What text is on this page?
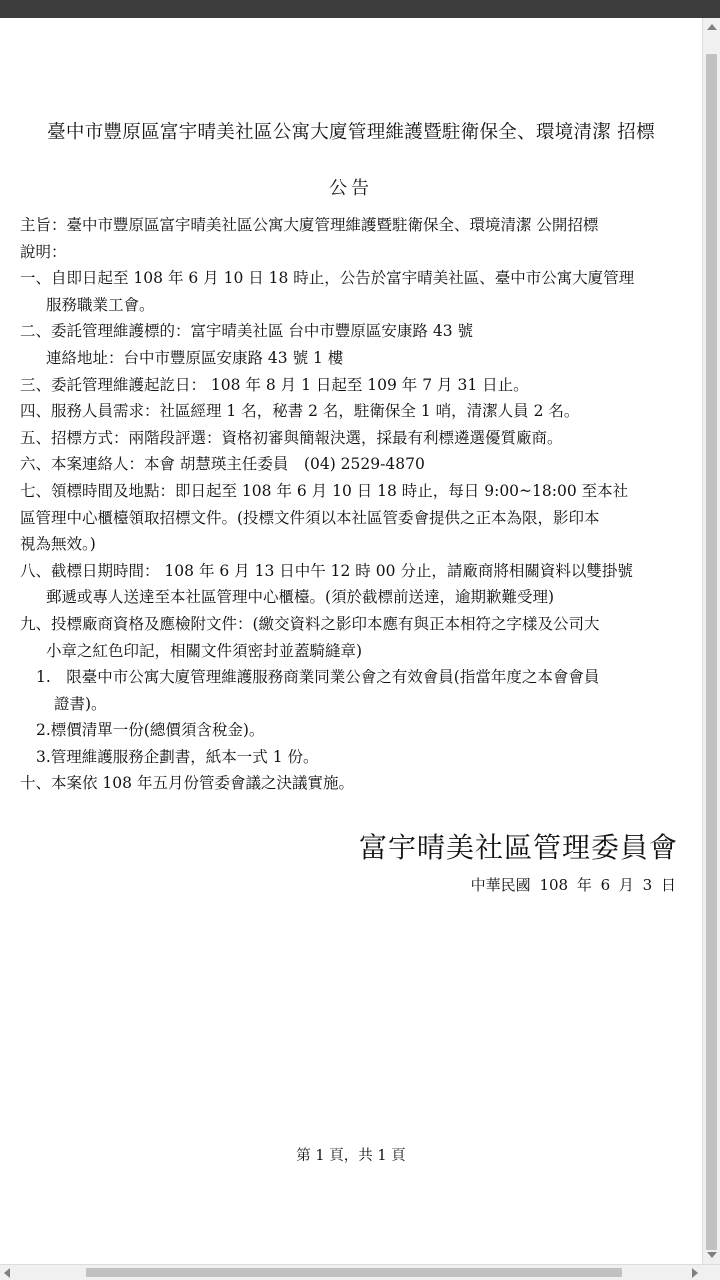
臺中市豐原區富宇晴美社區公寓大廈管理維護暨駐衛保全、環境清潔 招標
公告
主旨：臺中市豐原區富宇晴美社區公寓大廈管理維護暨駐衛保全、環境清潔 公開招標
說明：
一、自即日起至 108 年 6 月 10 日 18 時止，公告於富宇晴美社區、臺中市公寓大廈管理
服務職業工會。
二、委託管理維護標的：富宇晴美社區 台中市豐原區安康路 43 號
連絡地址：台中市豐原區安康路 43 號 1 樓
三、委託管理維護起訖日： 108 年 8 月 1 日起至 109 年 7 月 31 日止。
四、服務人員需求：社區經理 1 名，秘書 2 名，駐衛保全 1 哨，清潔人員 2 名。
五、招標方式：兩階段評選：資格初審與簡報決選，採最有利標遴選優質廠商。
六、本案連絡人：本會 胡慧瑛主任委員　(04) 2529-4870
七、領標時間及地點：即日起至 108 年 6 月 10 日 18 時止，每日 9:00~18:00 至本社
區管理中心櫃檯領取招標文件。(投標文件須以本社區管委會提供之正本為限，影印本
視為無效。)
八、截標日期時間： 108 年 6 月 13 日中午 12 時 00 分止，請廠商將相關資料以雙掛號
郵遞或專人送達至本社區管理中心櫃檯。(須於截標前送達，逾期歉難受理)
九、投標廠商資格及應檢附文件：(繳交資料之影印本應有與正本相符之字樣及公司大
小章之紅色印記，相關文件須密封並蓋騎縫章)
1.　限臺中市公寓大廈管理維護服務商業同業公會之有效會員(指當年度之本會會員
證書)。
2.標價清單一份(總價須含稅金)。
3.管理維護服務企劃書，紙本一式 1 份。
十、本案依 108 年五月份管委會議之決議實施。
富宇晴美社區管理委員會
中華民國 108 年 6 月 3 日
第 1 頁，共 1 頁
